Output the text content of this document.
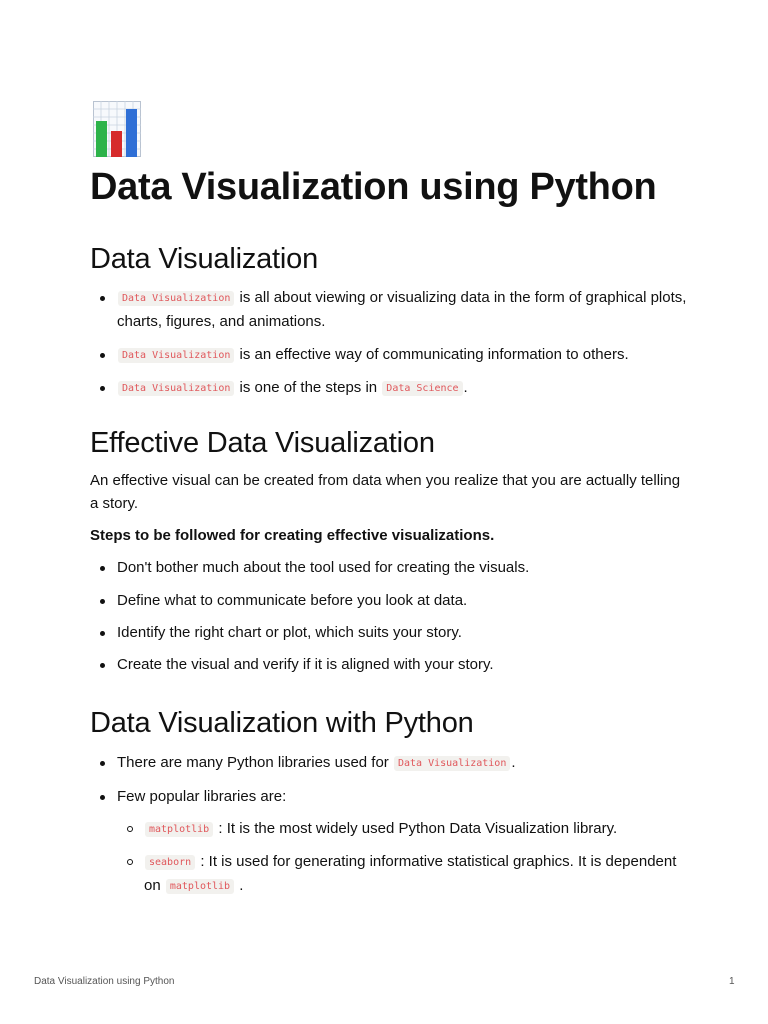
Data Visualization using Python
Data Visualization
Data Visualization is all about viewing or visualizing data in the form of graphical plots, charts, figures, and animations.
Data Visualization is an effective way of communicating information to others.
Data Visualization is one of the steps in Data Science .
Effective Data Visualization

An effective visual can be created from data when you realize that you are actually telling a story.

Steps to be followed for creating effective visualizations.

Don't bother much about the tool used for creating the visuals.
Define what to communicate before you look at data.
Identify the right chart or plot, which suits your story.
Create the visual and verify if it is aligned with your story.
Data Visualization with Python
There are many Python libraries used for Data Visualization .
Few popular libraries are:
matplotlib : It is the most widely used Python Data Visualization library.
seaborn : It is used for generating informative statistical graphics. It is dependent on matplotlib .
Data Visualization using Python	1
